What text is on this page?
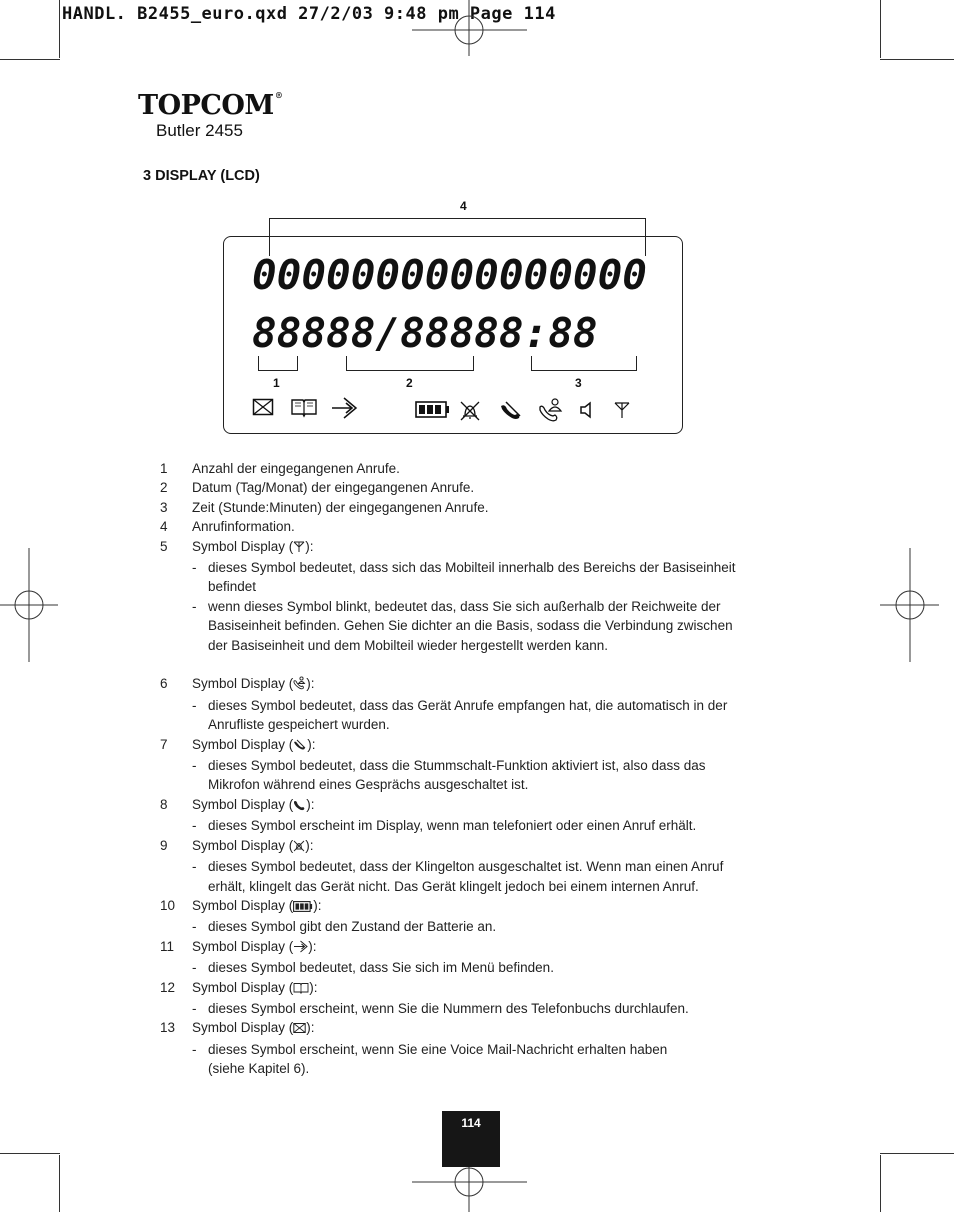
HANDL. B2455_euro.qxd 27/2/03 9:48 pm Page 114
TOPCOM®
Butler 2455
3 DISPLAY (LCD)
4
0000000000000000
88888/88888:88
1	2	3
1	Anzahl der eingegangenen Anrufe.
2	Datum (Tag/Monat) der eingegangenen Anrufe.
3	Zeit (Stunde:Minuten) der eingegangenen Anrufe.
4	Anrufinformation.
5	Symbol Display ( ):
- dieses Symbol bedeutet, dass sich das Mobilteil innerhalb des Bereichs der Basiseinheit
befindet
- wenn dieses Symbol blinkt, bedeutet das, dass Sie sich außerhalb der Reichweite der
Basiseinheit befinden. Gehen Sie dichter an die Basis, sodass die Verbindung zwischen
der Basiseinheit und dem Mobilteil wieder hergestellt werden kann.
6	Symbol Display ( ):
- dieses Symbol bedeutet, dass das Gerät Anrufe empfangen hat, die automatisch in der
Anrufliste gespeichert wurden.
7	Symbol Display ( ):
- dieses Symbol bedeutet, dass die Stummschalt-Funktion aktiviert ist, also dass das
Mikrofon während eines Gesprächs ausgeschaltet ist.
8	Symbol Display ( ):
- dieses Symbol erscheint im Display, wenn man telefoniert oder einen Anruf erhält.
9	Symbol Display ( ):
- dieses Symbol bedeutet, dass der Klingelton ausgeschaltet ist. Wenn man einen Anruf
erhält, klingelt das Gerät nicht. Das Gerät klingelt jedoch bei einem internen Anruf.
10	Symbol Display ( ):
- dieses Symbol gibt den Zustand der Batterie an.
11	Symbol Display ( ):
- dieses Symbol bedeutet, dass Sie sich im Menü befinden.
12	Symbol Display ( ):
- dieses Symbol erscheint, wenn Sie die Nummern des Telefonbuchs durchlaufen.
13	Symbol Display ( ):
- dieses Symbol erscheint, wenn Sie eine Voice Mail-Nachricht erhalten haben
(siehe Kapitel 6).
114
